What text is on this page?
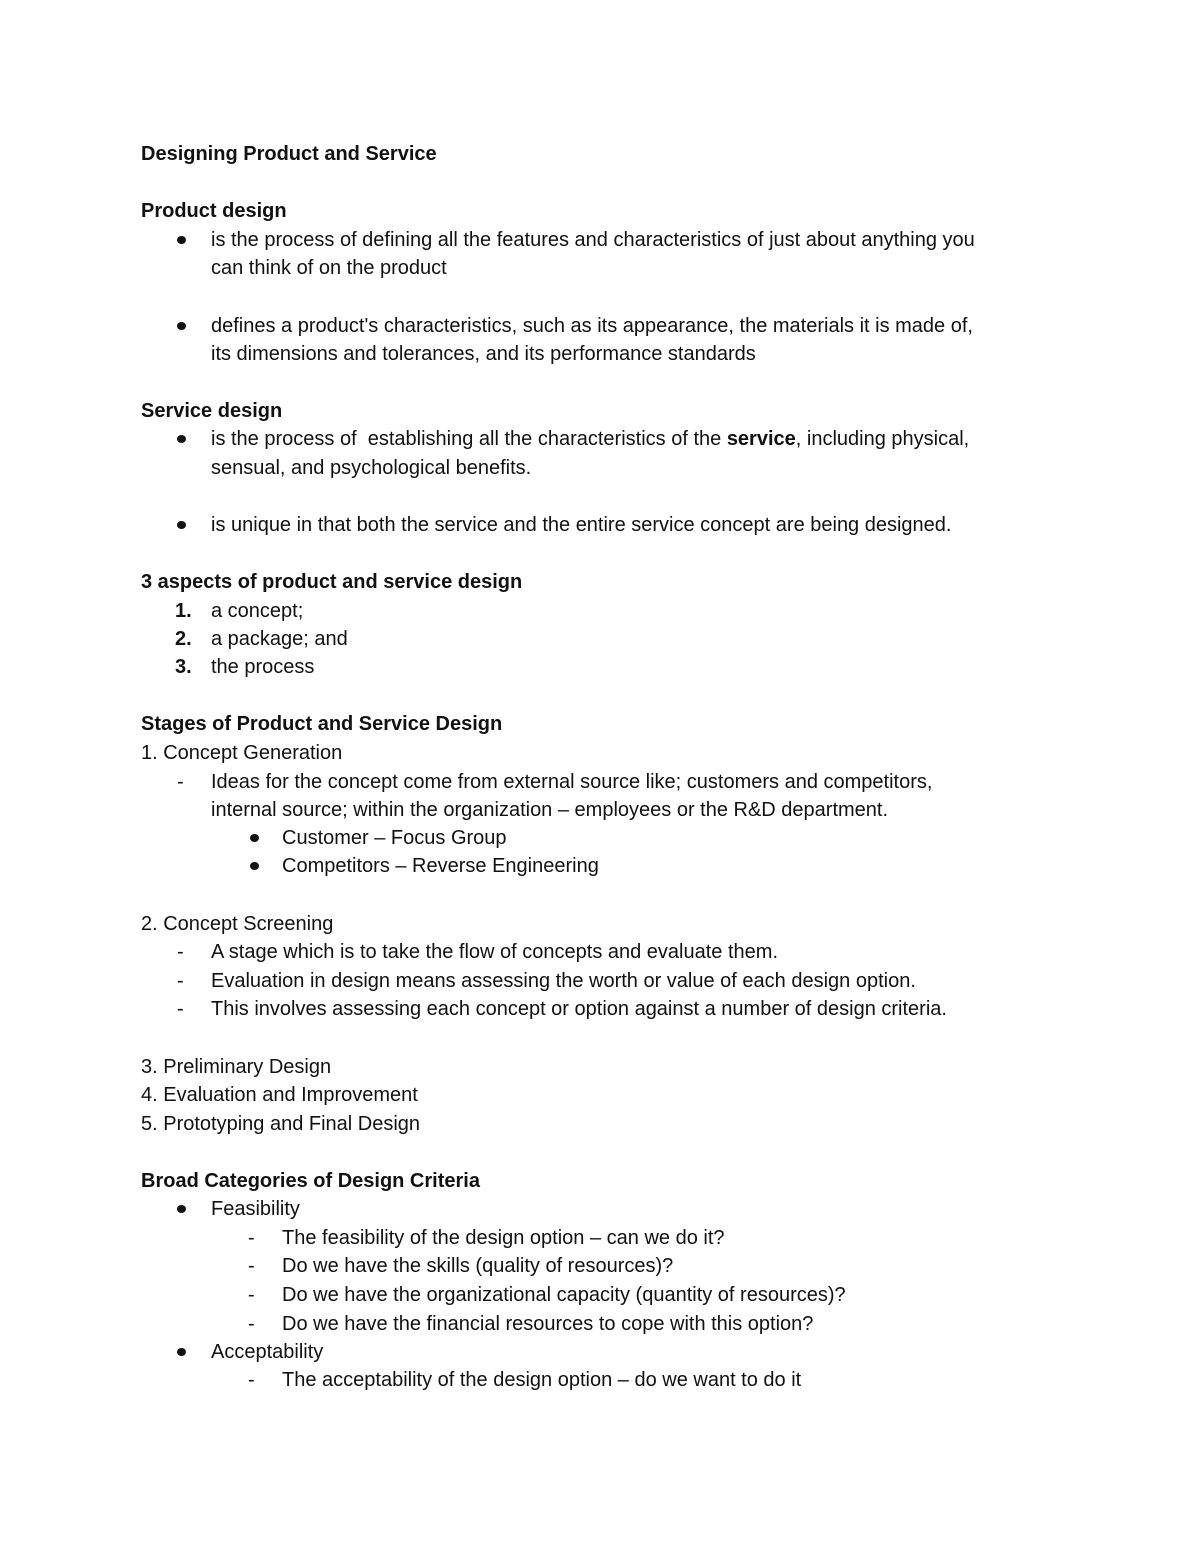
Designing Product and Service
Product design
is the process of defining all the features and characteristics of just about anything you
can think of on the product
defines a product's characteristics, such as its appearance, the materials it is made of,
its dimensions and tolerances, and its performance standards
Service design
is the process of  establishing all the characteristics of the service, including physical,
sensual, and psychological benefits.
is unique in that both the service and the entire service concept are being designed.
3 aspects of product and service design
1. a concept;
2. a package; and
3. the process
Stages of Product and Service Design
1. Concept Generation
- Ideas for the concept come from external source like; customers and competitors,
internal source; within the organization – employees or the R&D department.
Customer – Focus Group
Competitors – Reverse Engineering
2. Concept Screening
- A stage which is to take the flow of concepts and evaluate them.
- Evaluation in design means assessing the worth or value of each design option.
- This involves assessing each concept or option against a number of design criteria.
3. Preliminary Design
4. Evaluation and Improvement
5. Prototyping and Final Design
Broad Categories of Design Criteria
Feasibility
- The feasibility of the design option – can we do it?
- Do we have the skills (quality of resources)?
- Do we have the organizational capacity (quantity of resources)?
- Do we have the financial resources to cope with this option?
Acceptability
- The acceptability of the design option – do we want to do it
